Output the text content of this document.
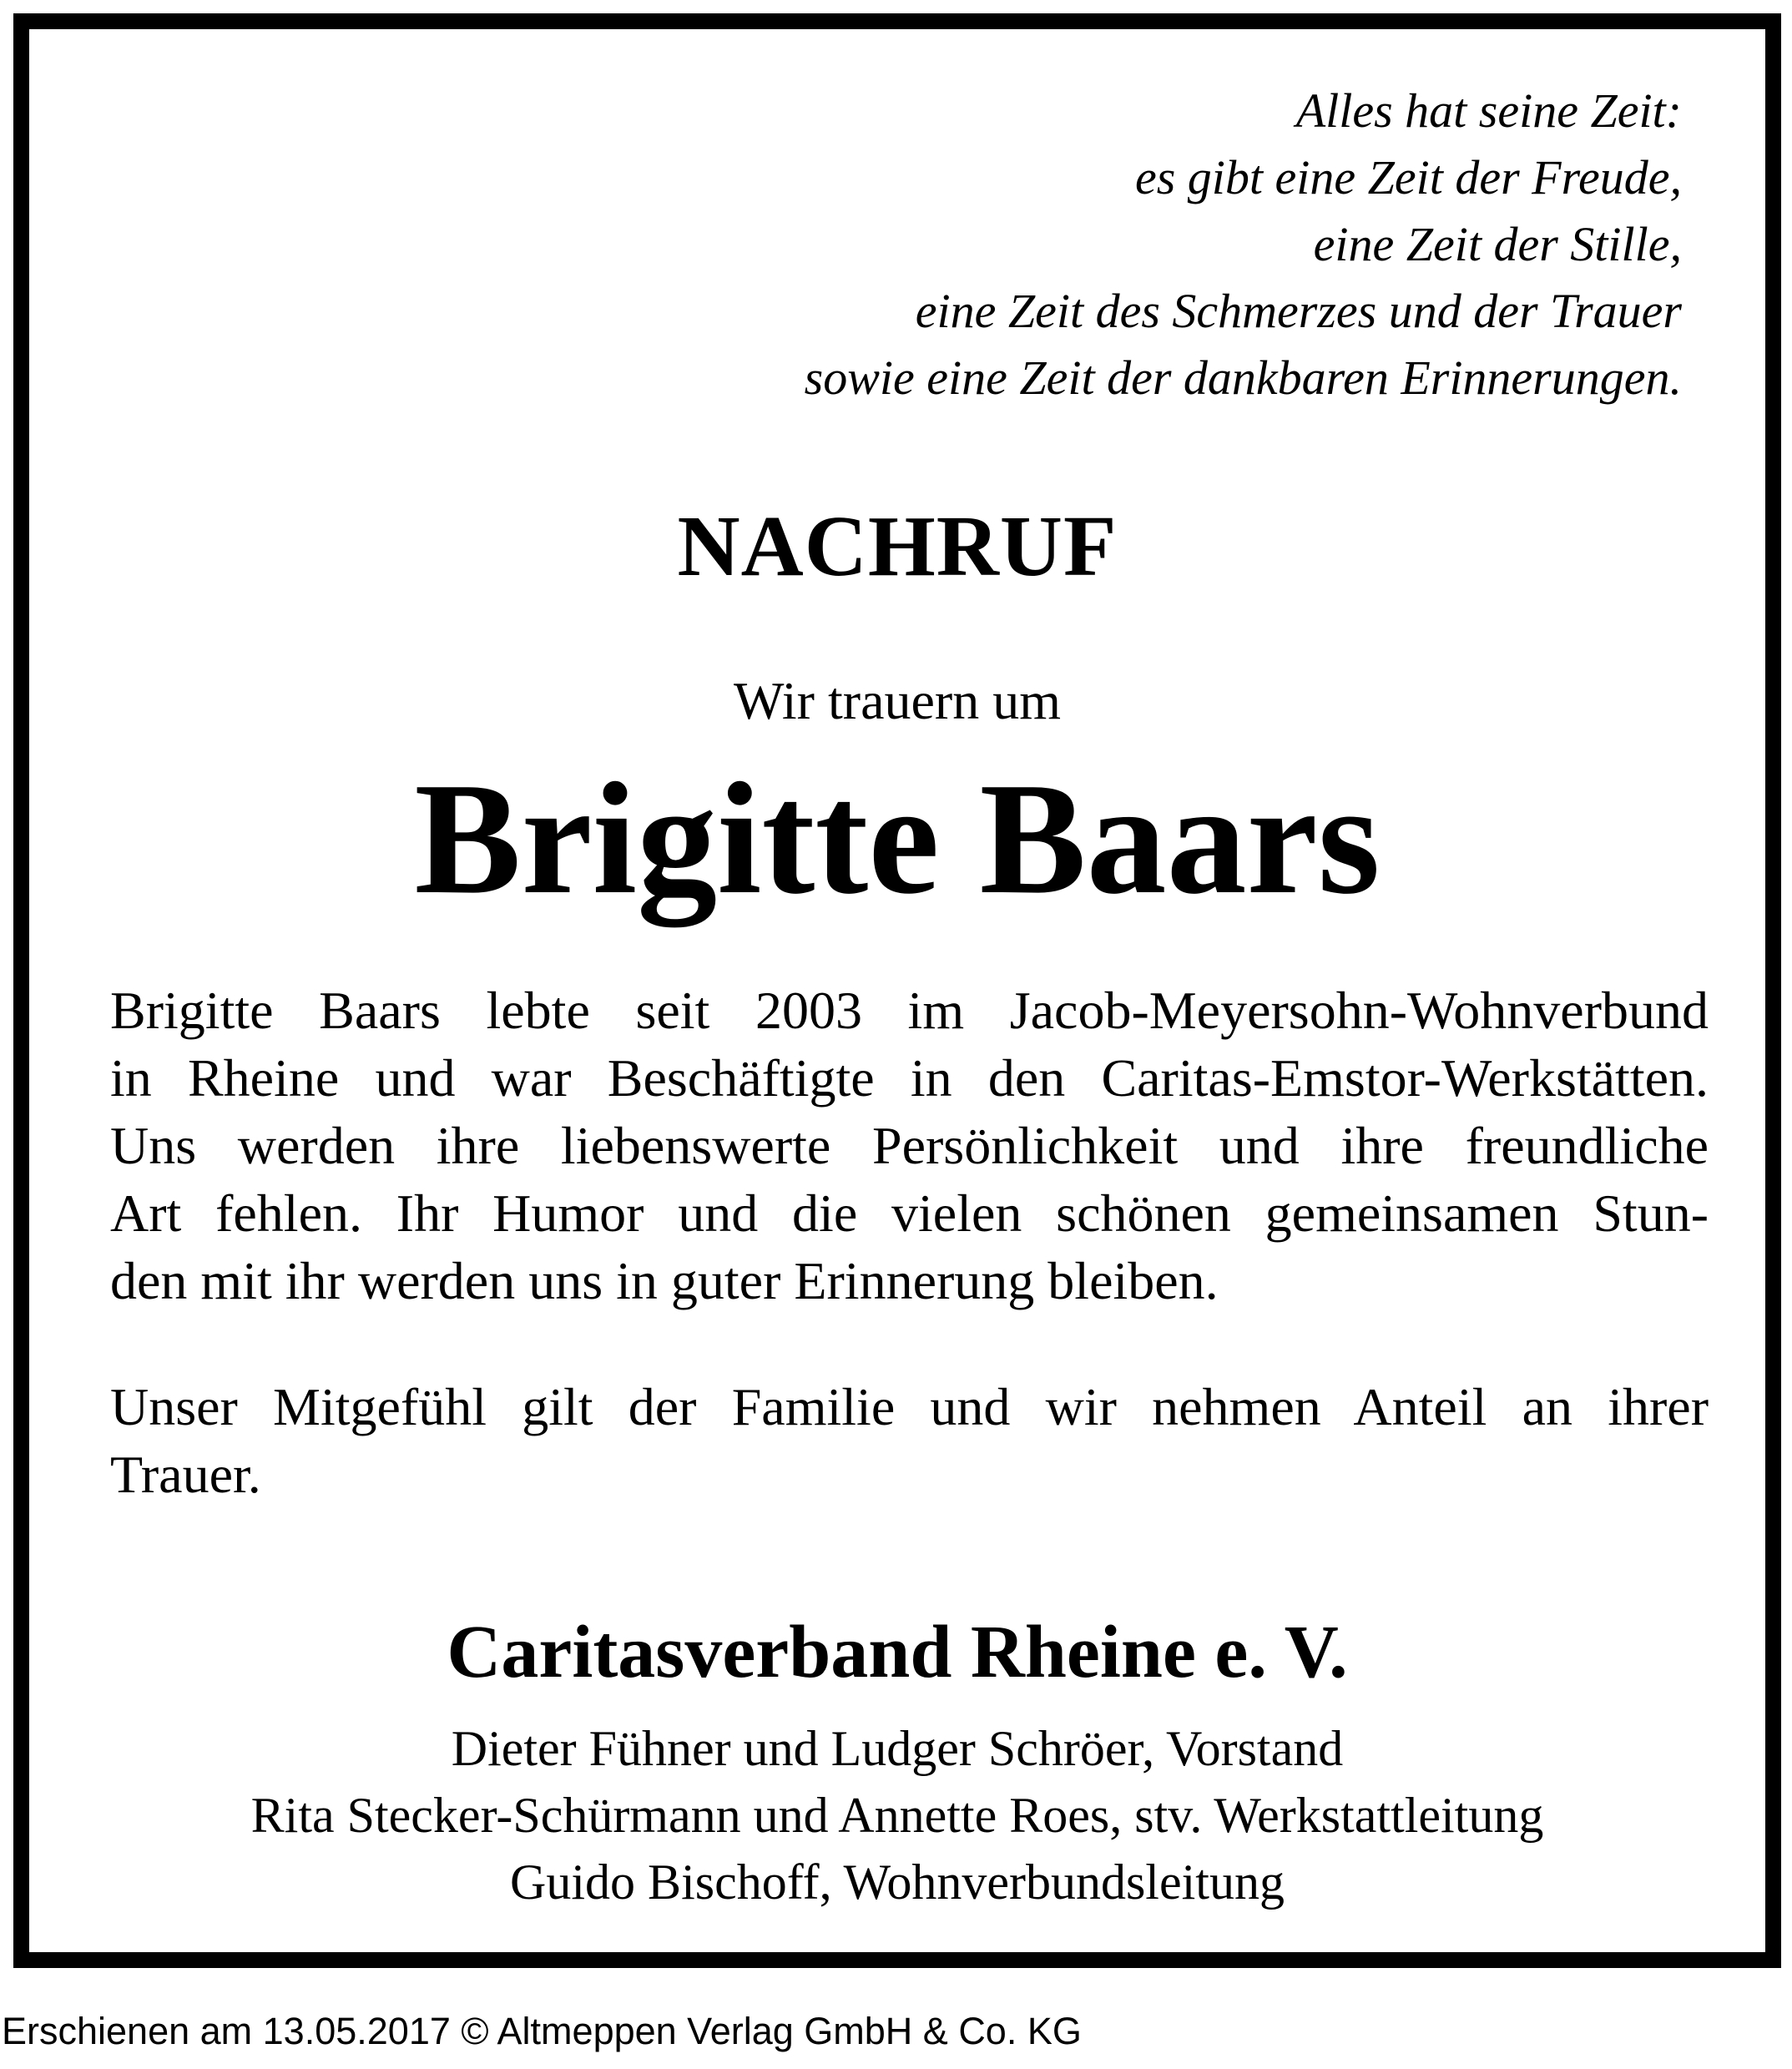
Alles hat seine Zeit:
es gibt eine Zeit der Freude,
eine Zeit der Stille,
eine Zeit des Schmerzes und der Trauer
sowie eine Zeit der dankbaren Erinnerungen.
NACHRUF
Wir trauern um
Brigitte Baars
Brigitte Baars lebte seit 2003 im Jacob-Meyersohn-Wohnverbund
in Rheine und war Beschäftigte in den Caritas-Emstor-Werkstätten.
Uns werden ihre liebenswerte Persönlichkeit und ihre freundliche
Art fehlen. Ihr Humor und die vielen schönen gemeinsamen Stun-
den mit ihr werden uns in guter Erinnerung bleiben.
Unser Mitgefühl gilt der Familie und wir nehmen Anteil an ihrer
Trauer.
Caritasverband Rheine e. V.
Dieter Fühner und Ludger Schröer, Vorstand
Rita Stecker-Schürmann und Annette Roes, stv. Werkstattleitung
Guido Bischoff, Wohnverbundsleitung
Erschienen am 13.05.2017 © Altmeppen Verlag GmbH & Co. KG
